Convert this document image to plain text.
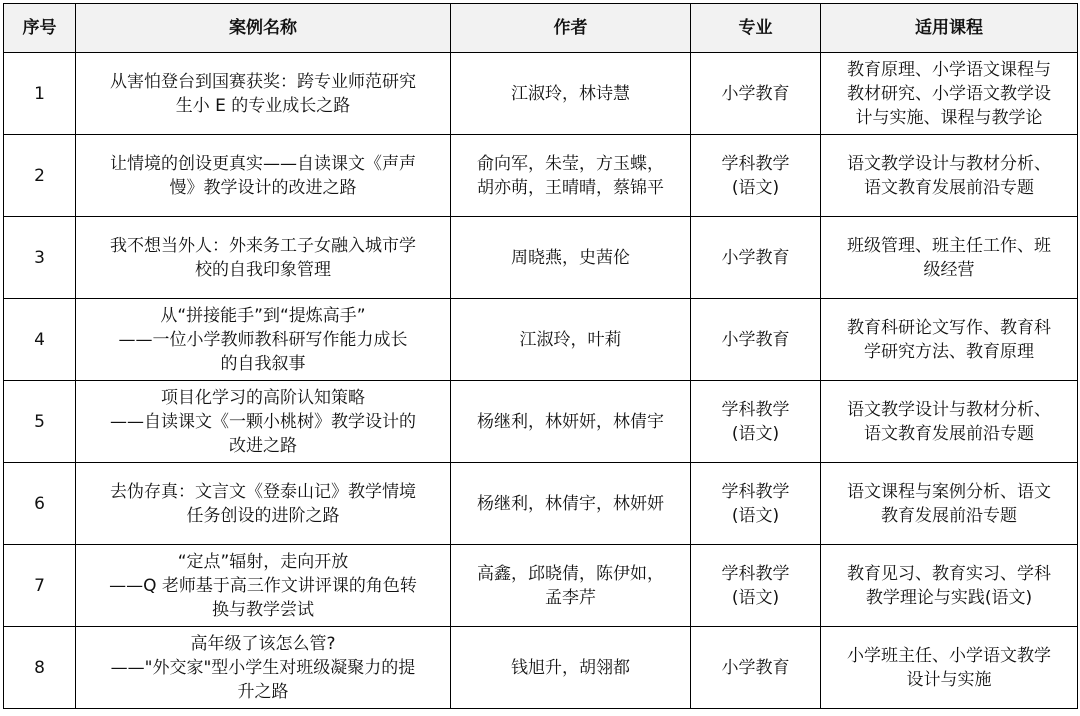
序号	案例名称	作者	专业	适用课程
1	从害怕登台到国赛获奖：跨专业师范研究
生小 E 的专业成长之路	江淑玲，林诗慧	小学教育	教育原理、小学语文课程与
教材研究、小学语文教学设
计与实施、课程与教学论
2	让情境的创设更真实——自读课文《声声
慢》教学设计的改进之路	俞向军，朱莹，方玉蝶，
胡亦萌，王晴晴，蔡锦平	学科教学
(语文)	语文教学设计与教材分析、
语文教育发展前沿专题
3	我不想当外人：外来务工子女融入城市学
校的自我印象管理	周晓燕，史茜伦	小学教育	班级管理、班主任工作、班
级经营
4	从“拼接能手”到“提炼高手”
——一位小学教师教科研写作能力成长
的自我叙事	江淑玲，叶莉	小学教育	教育科研论文写作、教育科
学研究方法、教育原理
5	项目化学习的高阶认知策略
——自读课文《一颗小桃树》教学设计的
改进之路	杨继利，林妍妍，林倩宇	学科教学
(语文)	语文教学设计与教材分析、
语文教育发展前沿专题
6	去伪存真：文言文《登泰山记》教学情境
任务创设的进阶之路	杨继利，林倩宇，林妍妍	学科教学
(语文)	语文课程与案例分析、语文
教育发展前沿专题
7	“定点”辐射，走向开放
——Q 老师基于高三作文讲评课的角色转
换与教学尝试	高鑫，邱晓倩，陈伊如，
孟李芹	学科教学
(语文)	教育见习、教育实习、学科
教学理论与实践(语文)
8	高年级了该怎么管?
——"外交家"型小学生对班级凝聚力的提
升之路	钱旭升，胡翎都	小学教育	小学班主任、小学语文教学
设计与实施
